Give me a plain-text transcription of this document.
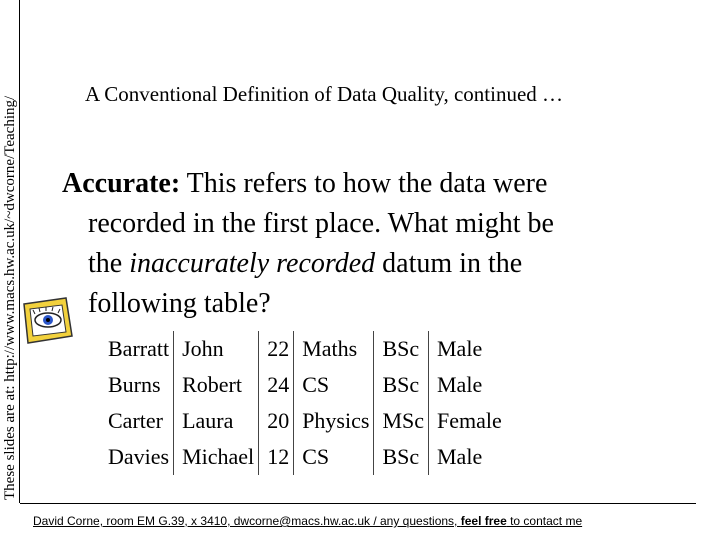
These slides are at: http://www.macs.hw.ac.uk/~dwcorne/Teaching/
A Conventional Definition of Data Quality, continued …
Accurate: This refers to how the data were
recorded in the first place. What might be
the inaccurately recorded datum in the
following table?
Barratt	John	22	Maths	BSc	Male
Burns	Robert	24	CS	BSc	Male
Carter	Laura	20	Physics	MSc	Female
Davies	Michael	12	CS	BSc	Male
David Corne, room EM G.39, x 3410, dwcorne@macs.hw.ac.uk / any questions, feel free to contact me
